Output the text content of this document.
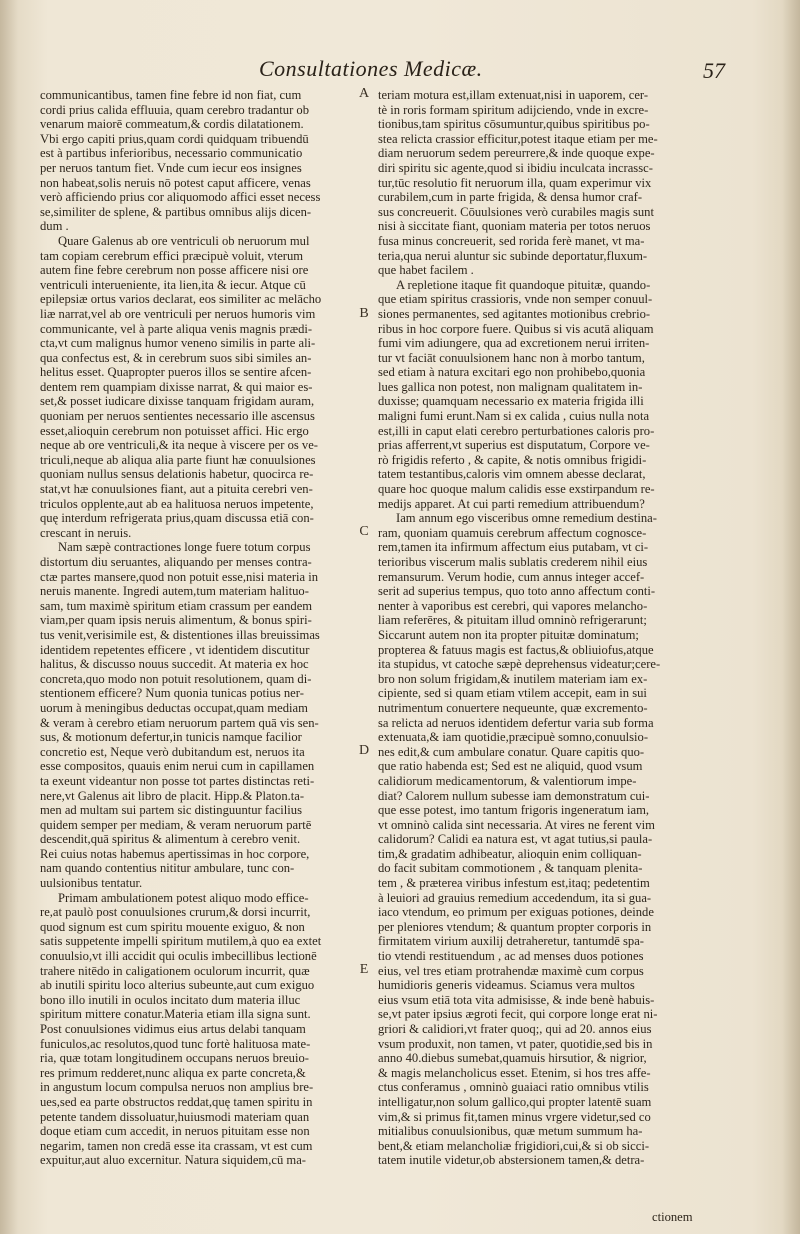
Consultationes Medicæ.	57
communicantibus, tamen fine febre id non fiat, cum
cordi prius calida effluuia, quam cerebro tradantur ob
venarum maiorē commeatum,& cordis dilatationem.
Vbi ergo capiti prius,quam cordi quidquam tribuendū
est à partibus inferioribus, necessario communicatio
per neruos tantum fiet. Vnde cum iecur eos insignes
non habeat,solis neruis nō potest caput afficere, venas
verò afficiendo prius cor aliquomodo affici esset necess
se,similiter de splene, & partibus omnibus alijs dicen-
dum .
Quare Galenus ab ore ventriculi ob neruorum mul
tam copiam cerebrum effici præcipuè voluit, vterum
autem fine febre cerebrum non posse afficere nisi ore
ventriculi interueniente, ita lien,ita & iecur. Atque cū
epilepsiæ ortus varios declarat, eos similiter ac melācho
liæ narrat,vel ab ore ventriculi per neruos humoris vim
communicante, vel à parte aliqua venis magnis prædi-
cta,vt cum malignus humor veneno similis in parte ali-
qua confectus est, & in cerebrum suos sibi similes an-
helitus esset. Quapropter pueros illos se sentire afcen-
dentem rem quampiam dixisse narrat, & qui maior es-
set,& posset iudicare dixisse tanquam frigidam auram,
quoniam per neruos sentientes necessario ille ascensus
esset,alioquin cerebrum non potuisset affici. Hic ergo
neque ab ore ventriculi,& ita neque à viscere per os ve-
triculi,neque ab aliqua alia parte fiunt hæ conuulsiones
quoniam nullus sensus delationis habetur, quocirca re-
stat,vt hæ conuulsiones fiant, aut a pituita cerebri ven-
triculos opplente,aut ab ea halituosa neruos impetente,
quę interdum refrigerata prius,quam discussa etiā con-
crescant in neruis.
Nam sæpè contractiones longe fuere totum corpus
distortum diu seruantes, aliquando per menses contra-
ctæ partes mansere,quod non potuit esse,nisi materia in
neruis manente. Ingredi autem,tum materiam halituo-
sam, tum maximè spiritum etiam crassum per eandem
viam,per quam ipsis neruis alimentum, & bonus spiri-
tus venit,verisimile est, & distentiones illas breuissimas
identidem repetentes efficere , vt identidem discutitur
halitus, & discusso nouus succedit. At materia ex hoc
concreta,quo modo non potuit resolutionem, quam di-
stentionem efficere? Num quonia tunicas potius ner-
uorum à meningibus deductas occupat,quam mediam
& veram à cerebro etiam neruorum partem quā vis sen-
sus, & motionum defertur,in tunicis namque facilior
concretio est, Neque verò dubitandum est, neruos ita
esse compositos, quauis enim nerui cum in capillamen
ta exeunt videantur non posse tot partes distinctas reti-
nere,vt Galenus ait libro de placit. Hipp.& Platon.ta-
men ad multam sui partem sic distinguuntur facilius
quidem semper per mediam, & veram neruorum partē
descendit,quā spiritus & alimentum à cerebro venit.
Rei cuius notas habemus apertissimas in hoc corpore,
nam quando contentius nititur ambulare, tunc con-
uulsionibus tentatur.
Primam ambulationem potest aliquo modo effice-
re,at paulò post conuulsiones crurum,& dorsi incurrit,
quod signum est cum spiritu mouente exiguo, & non
satis suppetente impelli spiritum mutilem,à quo ea extet
conuulsio,vt illi accidit qui oculis imbecillibus lectionē
trahere nitēdo in caligationem oculorum incurrit, quæ
ab inutili spiritu loco alterius subeunte,aut cum exiguo
bono illo inutili in oculos incitato dum materia illuc
spiritum mittere conatur.Materia etiam illa signa sunt.
Post conuulsiones vidimus eius artus delabi tanquam
funiculos,ac resolutos,quod tunc fortè halituosa mate-
ria, quæ totam longitudinem occupans neruos breuio-
res primum redderet,nunc aliqua ex parte concreta,&
in angustum locum compulsa neruos non amplius bre-
ues,sed ea parte obstructos reddat,quę tamen spiritu in
petente tandem dissoluatur,huiusmodi materiam quan
doque etiam cum accedit, in neruos pituitam esse non
negarim, tamen non credā esse ita crassam, vt est cum
expuitur,aut aluo excernitur. Natura siquidem,cū ma-
A
B
C
D
E
teriam motura est,illam extenuat,nisi in uaporem, cer-
tè in roris formam spiritum adijciendo, vnde in excre-
tionibus,tam spiritus cōsumuntur,quibus spiritibus po-
stea relicta crassior efficitur,potest itaque etiam per me-
diam neruorum sedem pereurrere,& inde quoque expe-
diri spiritu sic agente,quod si ibidiu inculcata incrassc-
tur,tūc resolutio fit neruorum illa, quam experimur vix
curabilem,cum in parte frigida, & densa humor craf-
sus concreuerit. Cōuulsiones verò curabiles magis sunt
nisi à siccitate fiant, quoniam materia per totos neruos
fusa minus concreuerit, sed rorida ferè manet, vt ma-
teria,qua nerui aluntur sic subinde deportatur,fluxum-
que habet facilem .
A repletione itaque fit quandoque pituitæ, quando-
que etiam spiritus crassioris, vnde non semper conuul-
siones permanentes, sed agitantes motionibus crebrio-
ribus in hoc corpore fuere. Quibus si vis acutā aliquam
fumi vim adiungere, qua ad excretionem nerui irriten-
tur vt faciāt conuulsionem hanc non à morbo tantum,
sed etiam à natura excitari ego non prohibebo,quonia
lues gallica non potest, non malignam qualitatem in-
duxisse; quamquam necessario ex materia frigida illi
maligni fumi erunt.Nam si ex calida , cuius nulla nota
est,illi in caput elati cerebro perturbationes caloris pro-
prias afferrent,vt superius est disputatum, Corpore ve-
rò frigidis referto , & capite, & notis omnibus frigidi-
tatem testantibus,caloris vim omnem abesse declarat,
quare hoc quoque malum calidis esse exstirpandum re-
medijs apparet. At cui parti remedium attribuendum?
Iam annum ego visceribus omne remedium destina-
ram, quoniam quamuis cerebrum affectum cognosce-
rem,tamen ita infirmum affectum eius putabam, vt ci-
terioribus viscerum malis sublatis crederem nihil eius
remansurum. Verum hodie, cum annus integer accef-
serit ad superius tempus, quo toto anno affectum conti-
nenter à vaporibus est cerebri, qui vapores melancho-
liam referēres, & pituitam illud omninò refrigerarunt;
Siccarunt autem non ita propter pituitæ dominatum;
propterea & fatuus magis est factus,& obliuiofus,atque
ita stupidus, vt catoche sæpè deprehensus videatur;cere-
bro non solum frigidam,& inutilem materiam iam ex-
cipiente, sed si quam etiam vtilem accepit, eam in sui
nutrimentum conuertere nequeunte, quæ excremento-
sa relicta ad neruos identidem defertur varia sub forma
extenuata,& iam quotidie,præcipuè somno,conuulsio-
nes edit,& cum ambulare conatur. Quare capitis quo-
que ratio habenda est; Sed est ne aliquid, quod vsum
calidiorum medicamentorum, & valentiorum impe-
diat? Calorem nullum subesse iam demonstratum cui-
que esse potest, imo tantum frigoris ingeneratum iam,
vt omninò calida sint necessaria. At vires ne ferent vim
calidorum? Calidi ea natura est, vt agat tutius,si paula-
tim,& gradatim adhibeatur, alioquin enim colliquan-
do facit subitam commotionem , & tanquam plenita-
tem , & præterea viribus infestum est,itaq; pedetentim
à leuiori ad grauius remedium accedendum, ita si gua-
iaco vtendum, eo primum per exiguas potiones, deinde
per pleniores vtendum; & quantum propter corporis in
firmitatem virium auxilij detraheretur, tantumdē spa-
tio vtendi restituendum , ac ad menses duos potiones
eius, vel tres etiam protrahendæ maximè cum corpus
humidioris generis videamus. Sciamus vera multos
eius vsum etiā tota vita admisisse, & inde benè habuis-
se,vt pater ipsius ægroti fecit, qui corpore longe erat ni-
griori & calidiori,vt frater quoq;, qui ad 20. annos eius
vsum produxit, non tamen, vt pater, quotidie,sed bis in
anno 40.diebus sumebat,quamuis hirsutior, & nigrior,
& magis melancholicus esset. Etenim, si hos tres affe-
ctus conferamus , omninò guaiaci ratio omnibus vtilis
intelligatur,non solum gallico,qui propter latentē suam
vim,& si primus fit,tamen minus vrgere videtur,sed co
mitialibus conuulsionibus, quæ metum summum ha-
bent,& etiam melancholiæ frigidiori,cui,& si ob sicci-
tatem inutile videtur,ob abstersionem tamen,& detra-
ctionem
